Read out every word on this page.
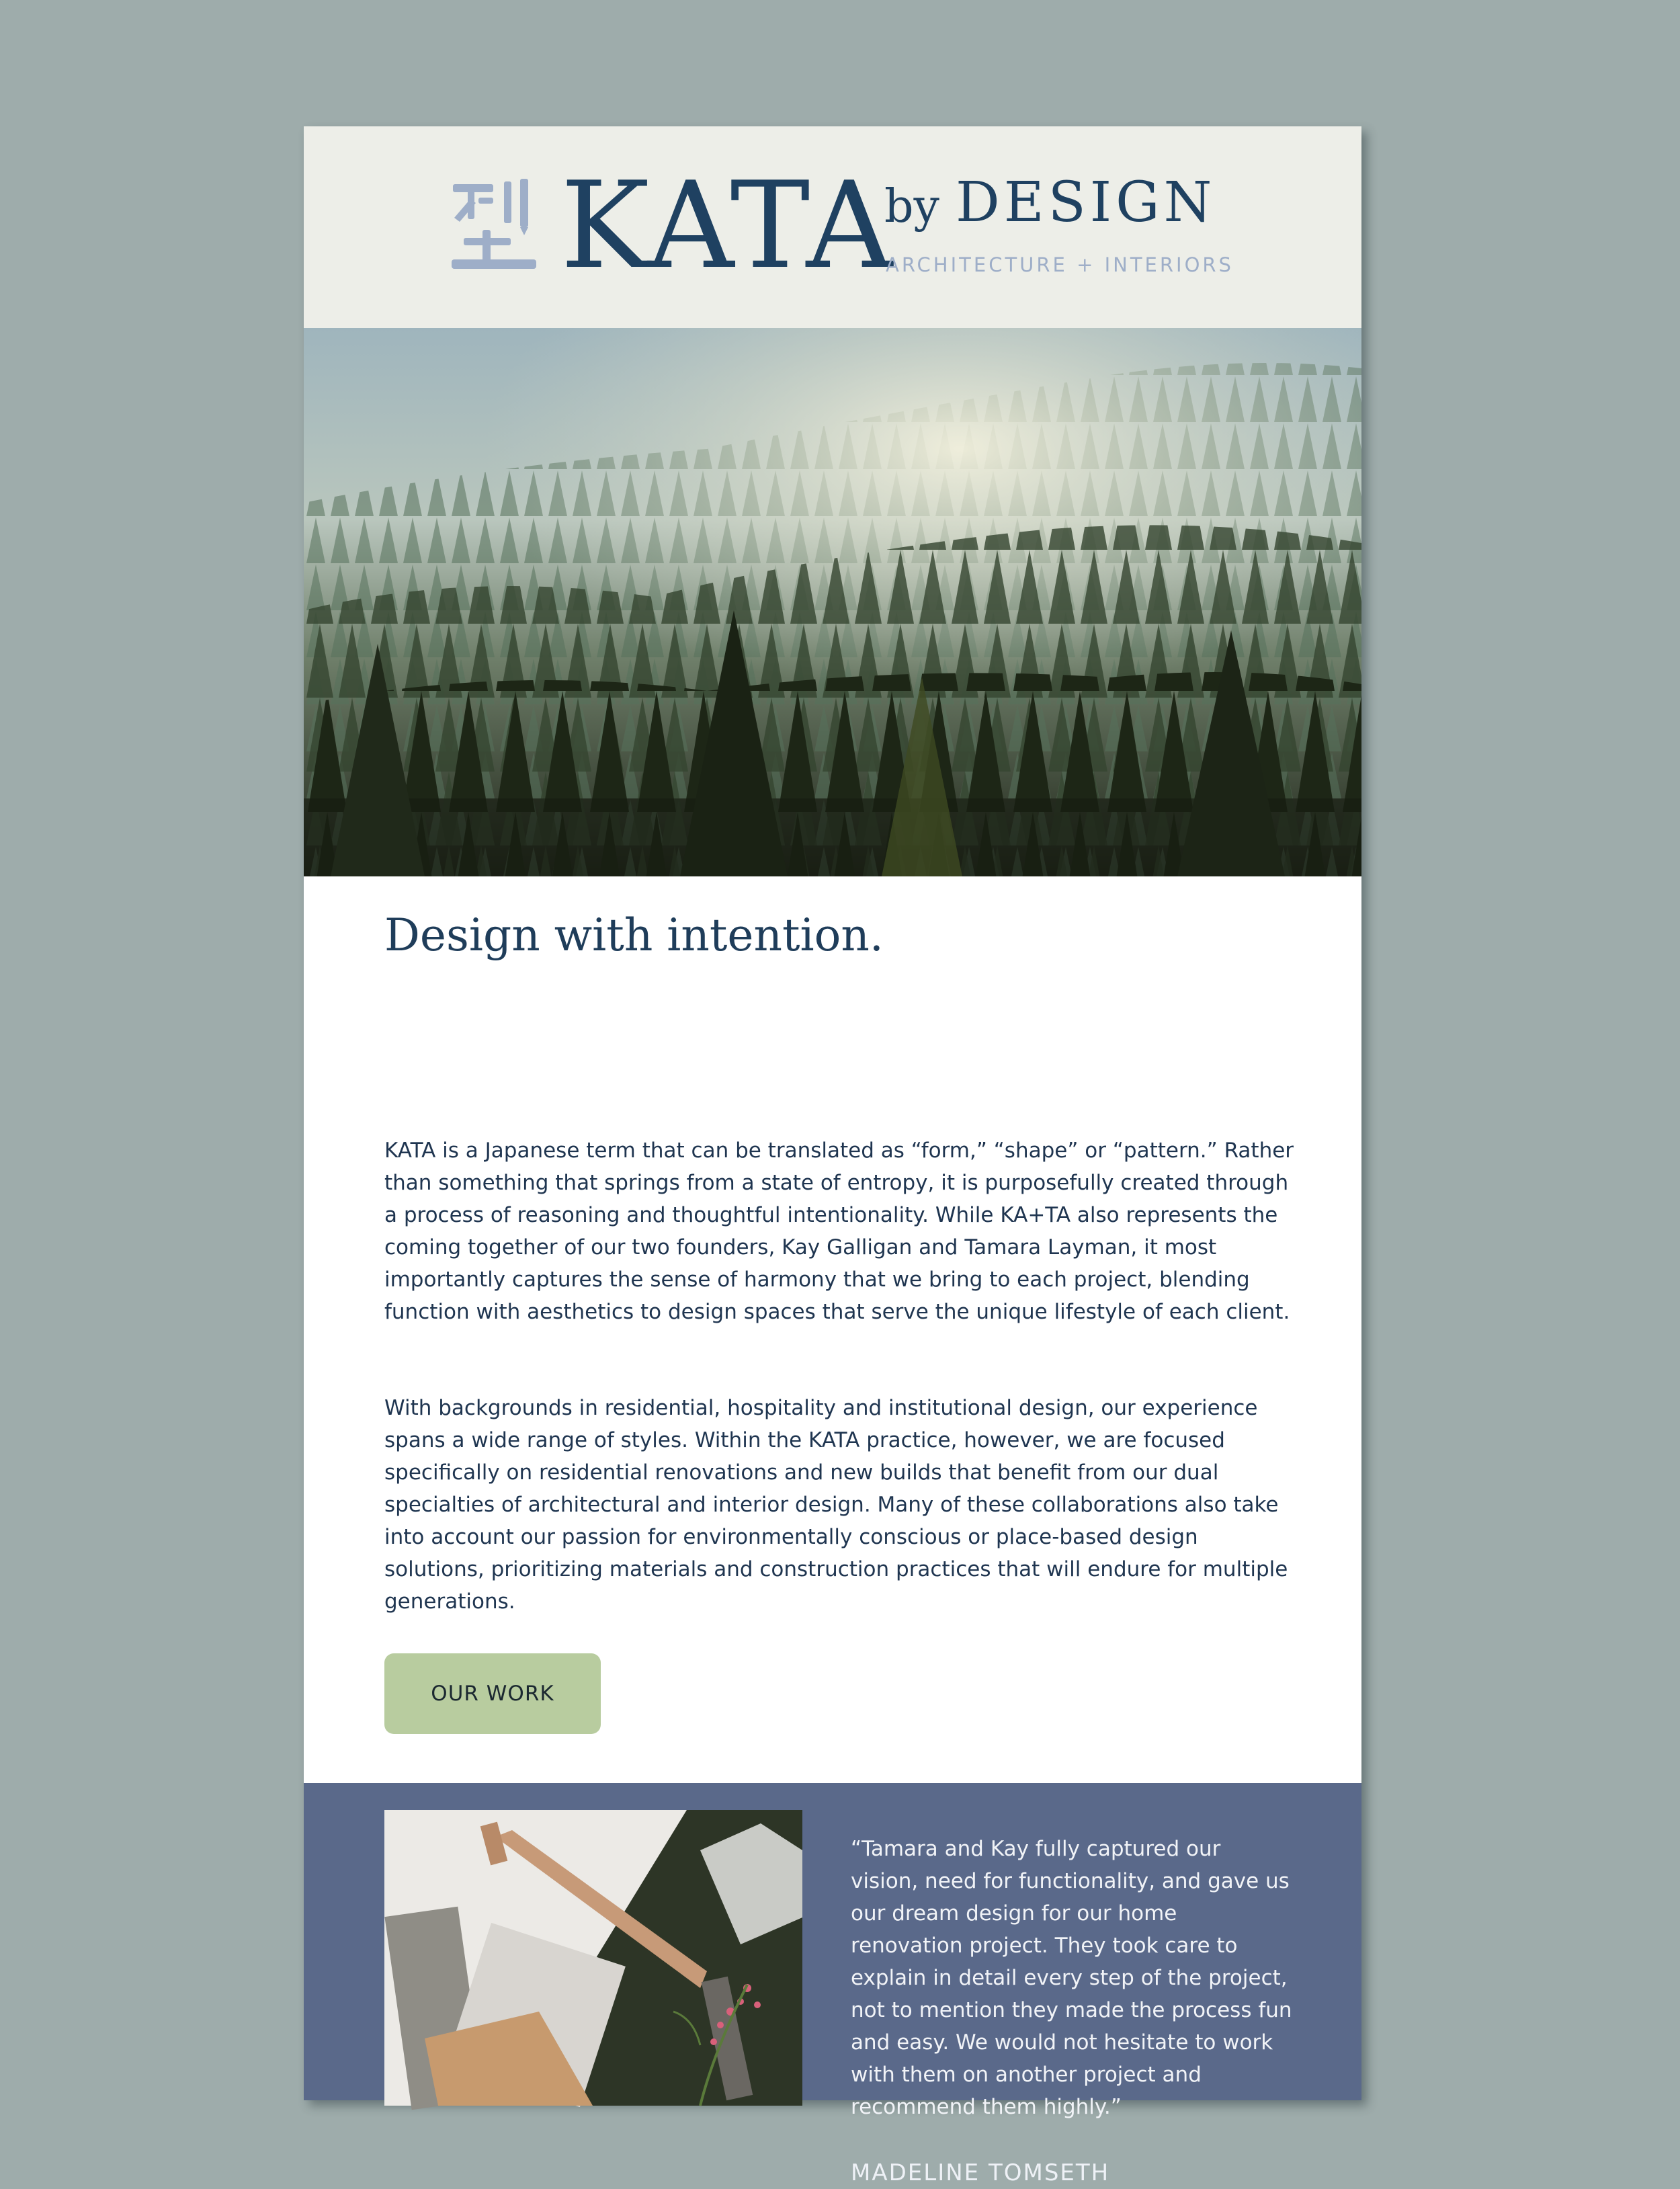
KATA
by DESIGN
ARCHITECTURE + INTERIORS
Design with intention.

KATA is a Japanese term that can be translated as “form,” “shape” or “pattern.” Rather than something that springs from a state of entropy, it is purposefully created through a process of reasoning and thoughtful intentionality. While KA+TA also represents the coming together of our two founders, Kay Galligan and Tamara Layman, it most importantly captures the sense of harmony that we bring to each project, blending function with aesthetics to design spaces that serve the unique lifestyle of each client.

With backgrounds in residential, hospitality and institutional design, our experience spans a wide range of styles. Within the KATA practice, however, we are focused specifically on residential renovations and new builds that benefit from our dual specialties of architectural and interior design. Many of these collaborations also take into account our passion for environmentally conscious or place-based design solutions, prioritizing materials and construction practices that will endure for multiple generations.

OUR WORK

“Tamara and Kay fully captured our vision, need for functionality, and gave us our dream design for our home renovation project. They took care to explain in detail every step of the project, not to mention they made the process fun and easy. We would not hesitate to work with them on another project and recommend them highly.”

MADELINE TOMSETH
